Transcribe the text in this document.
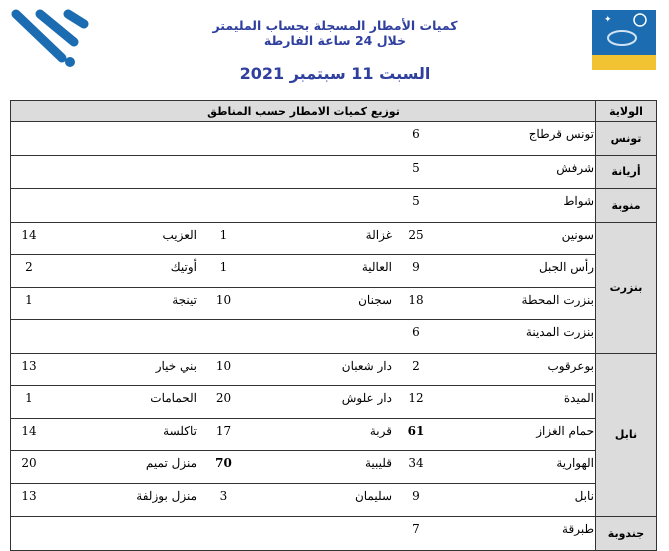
✦
كميات الأمطار المسجلة بحساب المليمتر
خلال 24 ساعة الفارطة
السبت 11 سبتمبر 2021
الولاية
توزيع كميات الامطار حسب المناطق
تونس
تونس قرطاج
6
أريانة
شرفش
5
منوبة
شواط
5
بنزرت
سونين
25
غزالة
1
العزيب
14
رأس الجبل
9
العالية
1
أوتيك
2
بنزرت المحطة
18
سجنان
10
تينجة
1
بنزرت المدينة
6
نابل
بوعرقوب
2
دار شعبان
10
بني خيار
13
الميدة
12
دار علوش
20
الحمامات
1
حمام الغزاز
61
قربة
17
تاكلسة
14
الهوارية
34
قليبية
70
منزل تميم
20
نابل
9
سليمان
3
منزل بوزلفة
13
جندوبة
طبرقة
7
